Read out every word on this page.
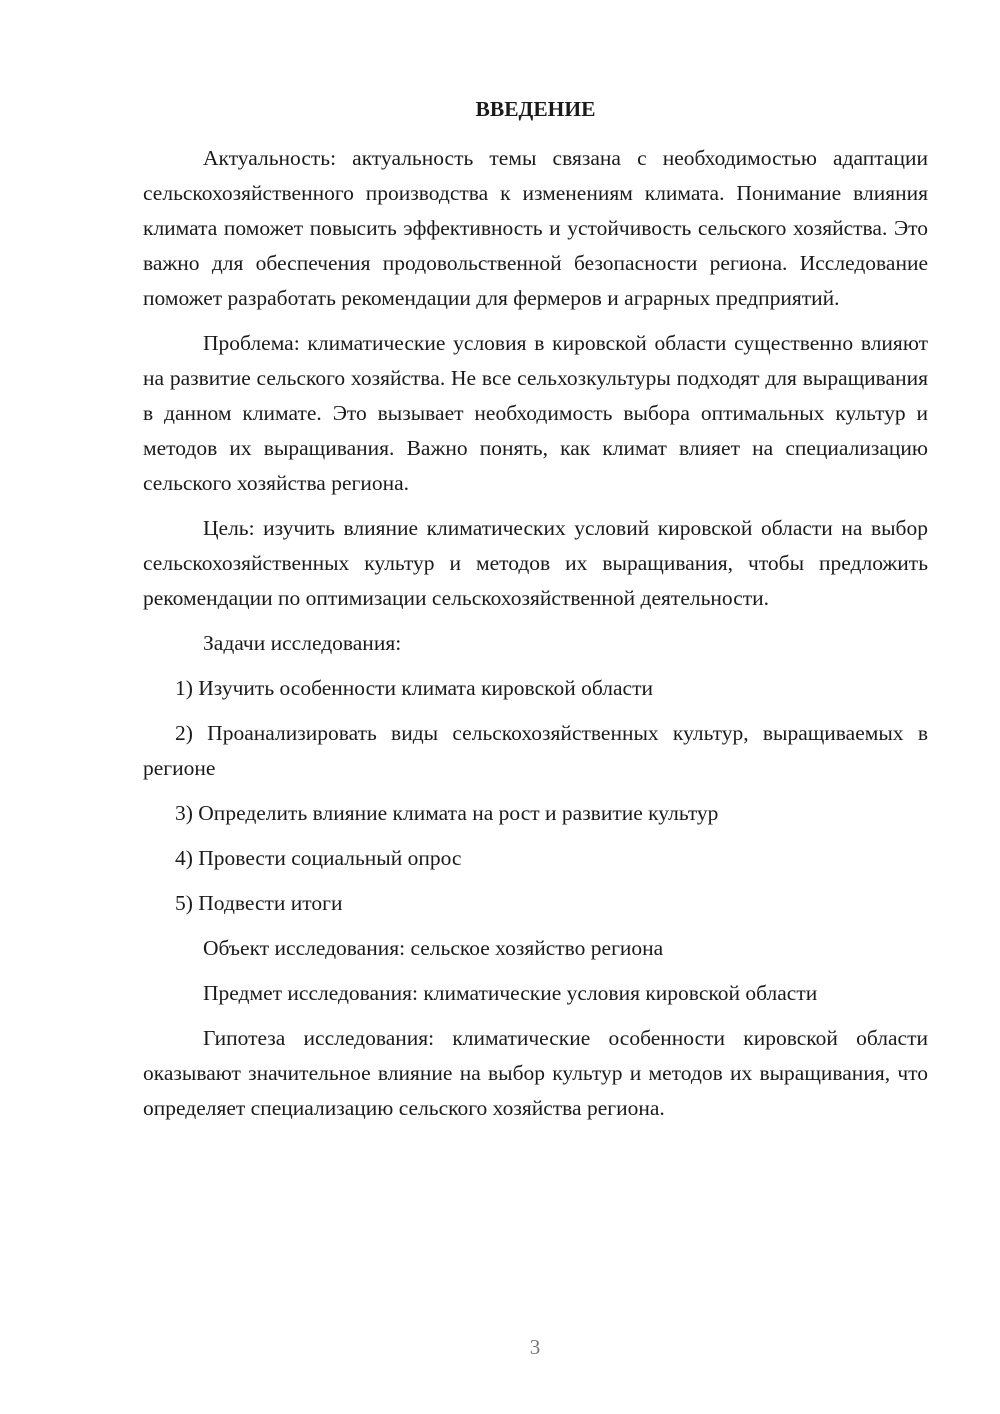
ВВЕДЕНИЕ

Актуальность: актуальность темы связана с необходимостью адаптации сельскохозяйственного производства к изменениям климата. Понимание влияния климата поможет повысить эффективность и устойчивость сельского хозяйства. Это важно для обеспечения продовольственной безопасности региона. Исследование поможет разработать рекомендации для фермеров и аграрных предприятий.

Проблема: климатические условия в кировской области существенно влияют на развитие сельского хозяйства. Не все сельхозкультуры подходят для выращивания в данном климате. Это вызывает необходимость выбора оптимальных культур и методов их выращивания. Важно понять, как климат влияет на специализацию сельского хозяйства региона.

Цель: изучить влияние климатических условий кировской области на выбор сельскохозяйственных культур и методов их выращивания, чтобы предложить рекомендации по оптимизации сельскохозяйственной деятельности.

Задачи исследования:

1) Изучить особенности климата кировской области

2) Проанализировать виды сельскохозяйственных культур, выращиваемых в регионе

3) Определить влияние климата на рост и развитие культур

4) Провести социальный опрос

5) Подвести итоги

Объект исследования: сельское хозяйство региона

Предмет исследования: климатические условия кировской области

Гипотеза исследования: климатические особенности кировской области оказывают значительное влияние на выбор культур и методов их выращивания, что определяет специализацию сельского хозяйства региона.

3
